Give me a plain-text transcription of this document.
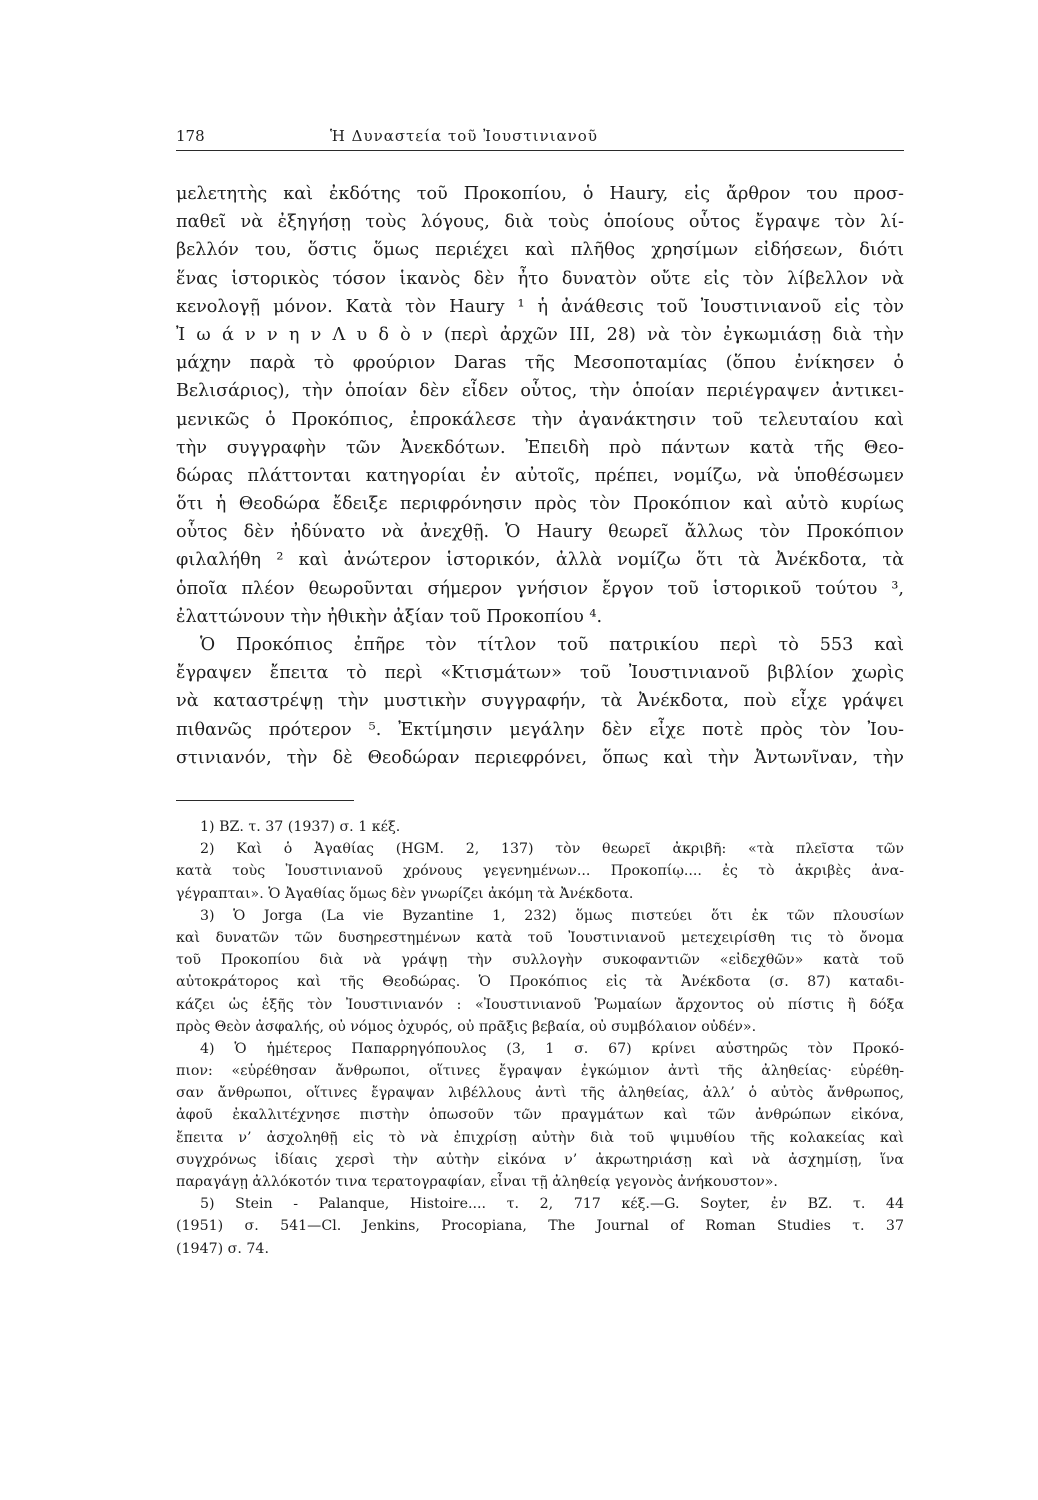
178	Ἡ Δυναστεία τοῦ Ἰουστινιανοῦ
μελετητὴς καὶ ἐκδότης τοῦ Προκοπίου, ὁ Haury, εἰς ἄρθρον του προσ-
παθεῖ νὰ ἐξηγήσῃ τοὺς λόγους, διὰ τοὺς ὁποίους οὗτος ἔγραψε τὸν λί-
βελλόν του, ὅστις ὅμως περιέχει καὶ πλῆθος χρησίμων εἰδήσεων, διότι
ἕνας ἱστορικὸς τόσον ἱκανὸς δὲν ἦτο δυνατὸν οὔτε εἰς τὸν λίβελλον νὰ
κενολογῇ μόνον. Κατὰ τὸν Haury ¹ ἡ ἀνάθεσις τοῦ Ἰουστινιανοῦ εἰς τὸν
Ἰ ω ά ν ν η ν Λ υ δ ὸ ν (περὶ ἀρχῶν ΙΙΙ, 28) νὰ τὸν ἐγκωμιάσῃ διὰ τὴν
μάχην παρὰ τὸ φρούριον Daras τῆς Μεσοποταμίας (ὅπου ἐνίκησεν ὁ
Βελισάριος), τὴν ὁποίαν δὲν εἶδεν οὗτος, τὴν ὁποίαν περιέγραψεν ἀντικει-
μενικῶς ὁ Προκόπιος, ἐπροκάλεσε τὴν ἀγανάκτησιν τοῦ τελευταίου καὶ
τὴν συγγραφὴν τῶν Ἀνεκδότων. Ἐπειδὴ πρὸ πάντων κατὰ τῆς Θεο-
δώρας πλάττονται κατηγορίαι ἐν αὐτοῖς, πρέπει, νομίζω, νὰ ὑποθέσωμεν
ὅτι ἡ Θεοδώρα ἔδειξε περιφρόνησιν πρὸς τὸν Προκόπιον καὶ αὐτὸ κυρίως
οὗτος δὲν ἠδύνατο νὰ ἀνεχθῇ. Ὁ Haury θεωρεῖ ἄλλως τὸν Προκόπιον
φιλαλήθη ² καὶ ἀνώτερον ἱστορικόν, ἀλλὰ νομίζω ὅτι τὰ Ἀνέκδοτα, τὰ
ὁποῖα πλέον θεωροῦνται σήμερον γνήσιον ἔργον τοῦ ἱστορικοῦ τούτου ³,
ἐλαττώνουν τὴν ἠθικὴν ἀξίαν τοῦ Προκοπίου ⁴.
Ὁ Προκόπιος ἐπῆρε τὸν τίτλον τοῦ πατρικίου περὶ τὸ 553 καὶ
ἔγραψεν ἔπειτα τὸ περὶ «Κτισμάτων» τοῦ Ἰουστινιανοῦ βιβλίον χωρὶς
νὰ καταστρέψῃ τὴν μυστικὴν συγγραφήν, τὰ Ἀνέκδοτα, ποὺ εἶχε γράψει
πιθανῶς πρότερον ⁵. Ἐκτίμησιν μεγάλην δὲν εἶχε ποτὲ πρὸς τὸν Ἰου-
στινιανόν, τὴν δὲ Θεοδώραν περιεφρόνει, ὅπως καὶ τὴν Ἀντωνῖναν, τὴν
1) ΒΖ. τ. 37 (1937) σ. 1 κέξ.
2) Καὶ ὁ Ἀγαθίας (HGM. 2, 137) τὸν θεωρεῖ ἀκριβῆ: «τὰ πλεῖστα τῶν
κατὰ τοὺς Ἰουστινιανοῦ χρόνους γεγενημένων... Προκοπίῳ.... ἐς τὸ ἀκριβὲς ἀνα-
γέγραπται». Ὁ Ἀγαθίας ὅμως δὲν γνωρίζει ἀκόμη τὰ Ἀνέκδοτα.
3) Ὁ Jorga (La vie Byzantine 1, 232) ὅμως πιστεύει ὅτι ἐκ τῶν πλουσίων
καὶ δυνατῶν τῶν δυσηρεστημένων κατὰ τοῦ Ἰουστινιανοῦ μετεχειρίσθη τις τὸ ὄνομα
τοῦ Προκοπίου διὰ νὰ γράψῃ τὴν συλλογὴν συκοφαντιῶν «εἰδεχθῶν» κατὰ τοῦ
αὐτοκράτορος καὶ τῆς Θεοδώρας. Ὁ Προκόπιος εἰς τὰ Ἀνέκδοτα (σ. 87) καταδι-
κάζει ὡς ἑξῆς τὸν Ἰουστινιανόν : «Ἰουστινιανοῦ Ῥωμαίων ἄρχοντος οὐ πίστις ἢ δόξα
πρὸς Θεὸν ἀσφαλής, οὐ νόμος ὀχυρός, οὐ πρᾶξις βεβαία, οὐ συμβόλαιον οὐδέν».
4) Ὁ ἡμέτερος Παπαρρηγόπουλος (3, 1 σ. 67) κρίνει αὐστηρῶς τὸν Προκό-
πιον: «εὑρέθησαν ἄνθρωποι, οἵτινες ἔγραψαν ἐγκώμιον ἀντὶ τῆς ἀληθείας· εὑρέθη-
σαν ἄνθρωποι, οἵτινες ἔγραψαν λιβέλλους ἀντὶ τῆς ἀληθείας, ἀλλ’ ὁ αὐτὸς ἄνθρωπος,
ἀφοῦ ἐκαλλιτέχνησε πιστὴν ὁπωσοῦν τῶν πραγμάτων καὶ τῶν ἀνθρώπων εἰκόνα,
ἔπειτα ν’ ἀσχοληθῇ εἰς τὸ νὰ ἐπιχρίσῃ αὐτὴν διὰ τοῦ ψιμυθίου τῆς κολακείας καὶ
συγχρόνως ἰδίαις χερσὶ τὴν αὐτὴν εἰκόνα ν’ ἀκρωτηριάσῃ καὶ νὰ ἀσχημίσῃ, ἵνα
παραγάγῃ ἀλλόκοτόν τινα τερατογραφίαν, εἶναι τῇ ἀληθείᾳ γεγονὸς ἀνήκουστον».
5) Stein - Palanque, Histoire.... τ. 2, 717 κέξ.—G. Soyter, ἐν ΒΖ. τ. 44
(1951) σ. 541—Cl. Jenkins, Procopiana, The Journal of Roman Studies τ. 37
(1947) σ. 74.
